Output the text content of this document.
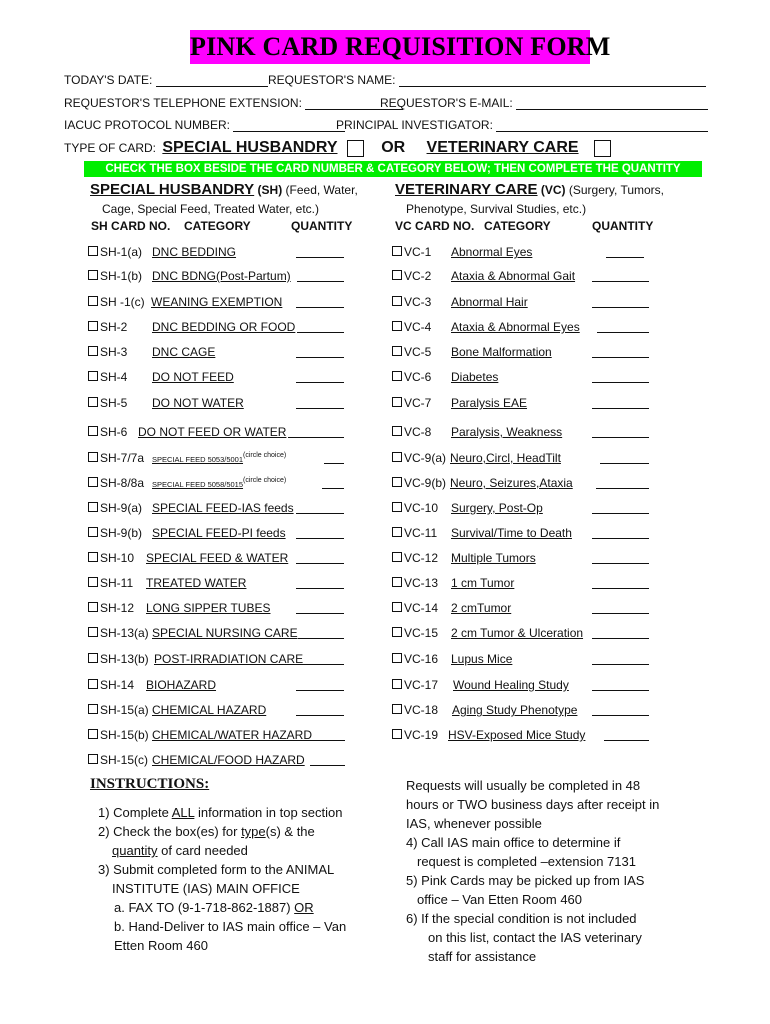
PINK CARD REQUISITION FORM
TODAY'S DATE:	REQUESTOR'S NAME:
REQUESTOR'S TELEPHONE EXTENSION:	REQUESTOR'S E-MAIL:
IACUC PROTOCOL NUMBER:	PRINCIPAL INVESTIGATOR:
TYPE OF CARD: SPECIAL HUSBANDRY	OR VETERINARY CARE
CHECK THE BOX BESIDE THE CARD NUMBER & CATEGORY BELOW; THEN COMPLETE THE QUANTITY
SPECIAL HUSBANDRY (SH) (Feed, Water,
Cage, Special Feed, Treated Water, etc.)
SH CARD NO. CATEGORY	QUANTITY
VETERINARY CARE (VC) (Surgery, Tumors,
Phenotype, Survival Studies, etc.)
VC CARD NO. CATEGORY	QUANTITY
SH-1(a) DNC BEDDING
SH-1(b) DNC BDNG(Post-Partum)
SH -1(c) WEANING EXEMPTION
SH-2 DNC BEDDING OR FOOD
SH-3 DNC CAGE
SH-4 DO NOT FEED
SH-5 DO NOT WATER
SH-6 DO NOT FEED OR WATER
SH-7/7a SPECIAL FEED $5053/5001^{(circle choice)}$
SH-8/8a SPECIAL FEED $5058/5015^{(circle choice)}$
SH-9(a) SPECIAL FEED-IAS feeds
SH-9(b) SPECIAL FEED-PI feeds
SH-10 SPECIAL FEED & WATER
SH-11 TREATED WATER
SH-12 LONG SIPPER TUBES
SH-13(a) SPECIAL NURSING CARE
SH-13(b) POST-IRRADIATION CARE
SH-14 BIOHAZARD
SH-15(a) CHEMICAL HAZARD
SH-15(b) CHEMICAL/WATER HAZARD
SH-15(c) CHEMICAL/FOOD HAZARD
VC-1 Abnormal Eyes
VC-2 Ataxia & Abnormal Gait
VC-3 Abnormal Hair
VC-4 Ataxia & Abnormal Eyes
VC-5 Bone Malformation
VC-6 Diabetes
VC-7 Paralysis EAE
VC-8 Paralysis, Weakness
VC-9(a) Neuro,Circl, HeadTilt
VC-9(b) Neuro, Seizures,Ataxia
VC-10 Surgery, Post-Op
VC-11 Survival/Time to Death
VC-12 Multiple Tumors
VC-13 1 cm Tumor
VC-14 2 cmTumor
VC-15 2 cm Tumor & Ulceration
VC-16 Lupus Mice
VC-17 Wound Healing Study
VC-18 Aging Study Phenotype
VC-19 HSV-Exposed Mice Study
INSTRUCTIONS:
1) Complete ALL information in top section
2) Check the box(es) for type(s) & the
quantity of card needed
3) Submit completed form to the ANIMAL
INSTITUTE (IAS) MAIN OFFICE
a. FAX TO (9-1-718-862-1887) OR
b. Hand-Deliver to IAS main office – Van
Etten Room 460
Requests will usually be completed in 48
hours or TWO business days after receipt in
IAS, whenever possible
4) Call IAS main office to determine if
request is completed –extension 7131
5) Pink Cards may be picked up from IAS
office – Van Etten Room 460
6) If the special condition is not included
on this list, contact the IAS veterinary
staff for assistance
